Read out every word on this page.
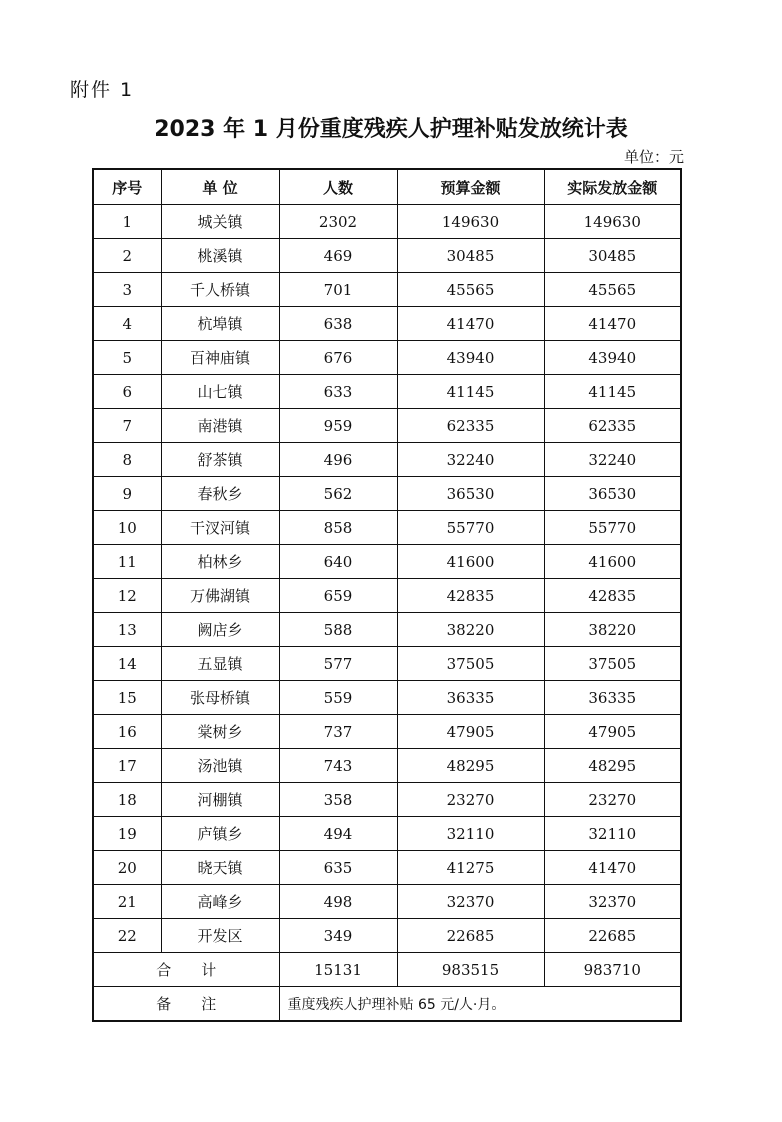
附件 1
2023 年 1 月份重度残疾人护理补贴发放统计表
单位：元
序号	单 位	人数	预算金额	实际发放金额
1	城关镇	2302	149630	149630
2	桃溪镇	469	30485	30485
3	千人桥镇	701	45565	45565
4	杭埠镇	638	41470	41470
5	百神庙镇	676	43940	43940
6	山七镇	633	41145	41145
7	南港镇	959	62335	62335
8	舒茶镇	496	32240	32240
9	春秋乡	562	36530	36530
10	干汊河镇	858	55770	55770
11	柏林乡	640	41600	41600
12	万佛湖镇	659	42835	42835
13	阙店乡	588	38220	38220
14	五显镇	577	37505	37505
15	张母桥镇	559	36335	36335
16	棠树乡	737	47905	47905
17	汤池镇	743	48295	48295
18	河棚镇	358	23270	23270
19	庐镇乡	494	32110	32110
20	晓天镇	635	41275	41470
21	高峰乡	498	32370	32370
22	开发区	349	22685	22685
合计		15131	983515	983710
备注		重度残疾人护理补贴 65 元/人·月。		
